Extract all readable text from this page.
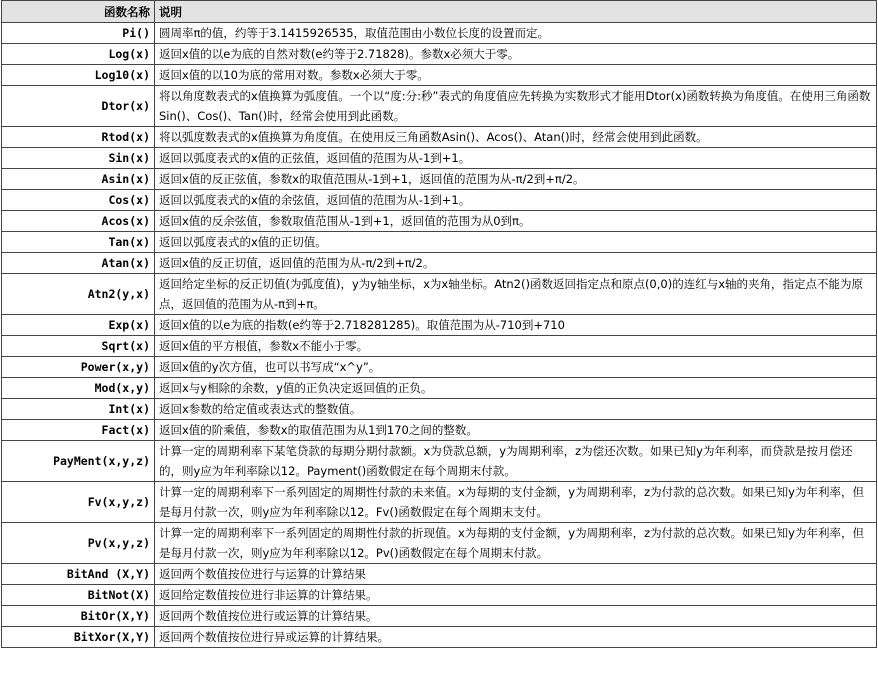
函数名称	说明
Pi()	圆周率π的值，约等于3.1415926535，取值范围由小数位长度的设置而定。
Log(x)	返回x值的以e为底的自然对数(e约等于2.71828)。参数x必须大于零。
Log10(x)	返回x值的以10为底的常用对数。参数x必须大于零。
Dtor(x)	将以角度数表式的x值换算为弧度值。一个以“度:分:秒”表式的角度值应先转换为实数形式才能用Dtor(x)函数转换为角度值。在使用三角函数Sin()、Cos()、Tan()时，经常会使用到此函数。
Rtod(x)	将以弧度数表式的x值换算为角度值。在使用反三角函数Asin()、Acos()、Atan()时，经常会使用到此函数。
Sin(x)	返回以弧度表式的x值的正弦值，返回值的范围为从-1到+1。
Asin(x)	返回x值的反正弦值，参数x的取值范围从-1到+1，返回值的范围为从-π/2到+π/2。
Cos(x)	返回以弧度表式的x值的余弦值，返回值的范围为从-1到+1。
Acos(x)	返回x值的反余弦值，参数取值范围从-1到+1，返回值的范围为从0到π。
Tan(x)	返回以弧度表式的x值的正切值。
Atan(x)	返回x值的反正切值，返回值的范围为从-π/2到+π/2。
Atn2(y,x)	返回给定坐标的反正切值(为弧度值)，y为y轴坐标，x为x轴坐标。Atn2()函数返回指定点和原点(0,0)的连红与x轴的夹角，指定点不能为原点，返回值的范围为从-π到+π。
Exp(x)	返回x值的以e为底的指数(e约等于2.718281285)。取值范围为从-710到+710
Sqrt(x)	返回x值的平方根值，参数x不能小于零。
Power(x,y)	返回x值的y次方值，也可以书写成“x^y”。
Mod(x,y)	返回x与y相除的余数，y值的正负决定返回值的正负。
Int(x)	返回x参数的给定值或表达式的整数值。
Fact(x)	返回x值的阶乘值，参数x的取值范围为从1到170之间的整数。
PayMent(x,y,z)	计算一定的周期利率下某笔贷款的每期分期付款额。x为贷款总额，y为周期利率，z为偿还次数。如果已知y为年利率，而贷款是按月偿还的，则y应为年利率除以12。Payment()函数假定在每个周期末付款。
Fv(x,y,z)	计算一定的周期利率下一系列固定的周期性付款的未来值。x为每期的支付金额，y为周期利率，z为付款的总次数。如果已知y为年利率，但是每月付款一次，则y应为年利率除以12。Fv()函数假定在每个周期末支付。
Pv(x,y,z)	计算一定的周期利率下一系列固定的周期性付款的折现值。x为每期的支付金额，y为周期利率，z为付款的总次数。如果已知y为年利率，但是每月付款一次，则y应为年利率除以12。Pv()函数假定在每个周期末付款。
BitAnd (X,Y)	返回两个数值按位进行与运算的计算结果
BitNot(X)	返回给定数值按位进行非运算的计算结果。
BitOr(X,Y)	返回两个数值按位进行或运算的计算结果。
BitXor(X,Y)	返回两个数值按位进行异或运算的计算结果。
